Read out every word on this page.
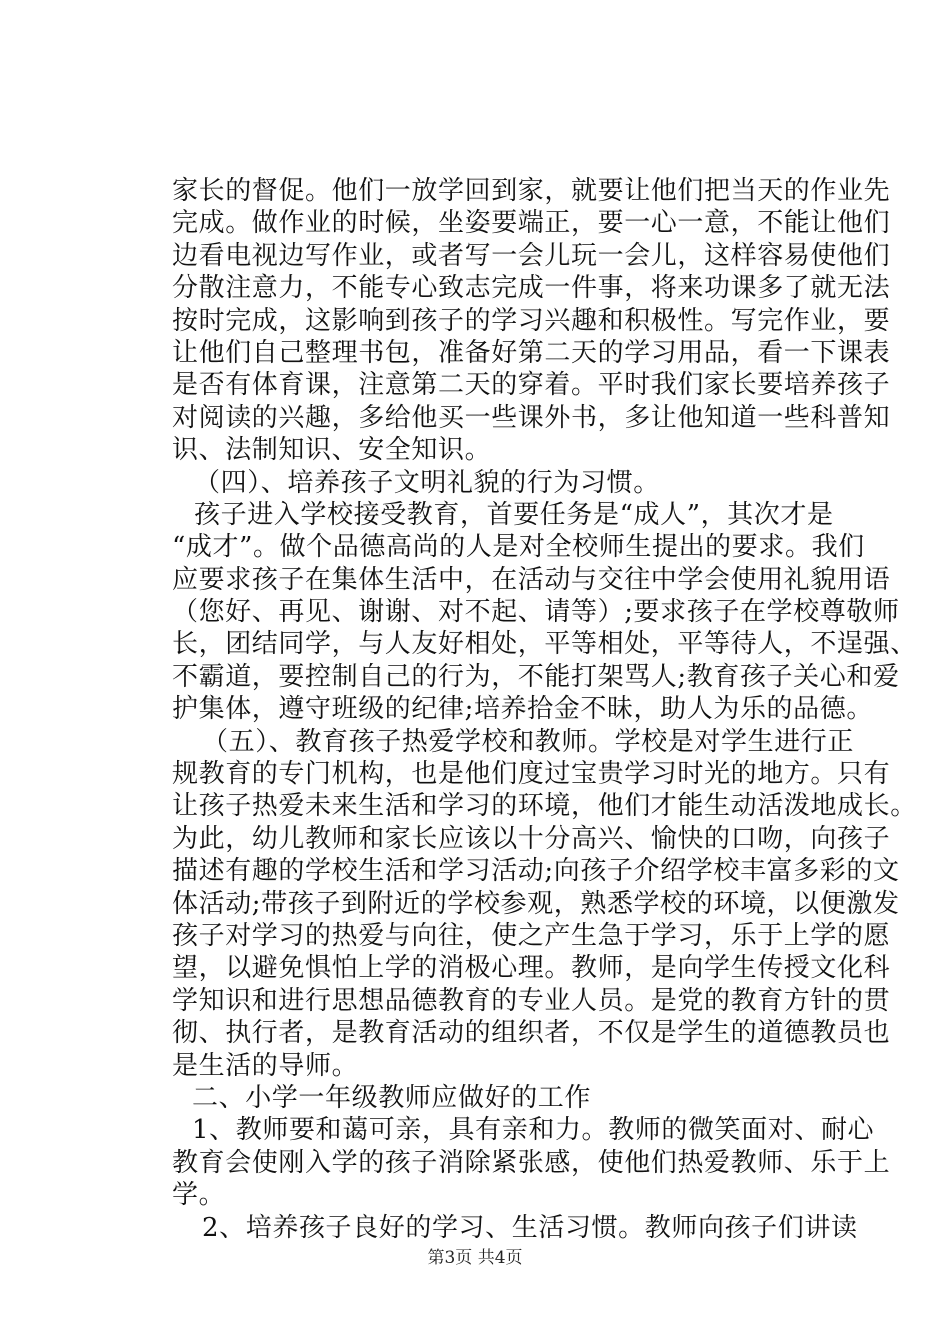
家长的督促。他们一放学回到家，就要让他们把当天的作业先
完成。做作业的时候，坐姿要端正，要一心一意，不能让他们
边看电视边写作业，或者写一会儿玩一会儿，这样容易使他们
分散注意力，不能专心致志完成一件事，将来功课多了就无法
按时完成，这影响到孩子的学习兴趣和积极性。写完作业，要
让他们自己整理书包，准备好第二天的学习用品，看一下课表
是否有体育课，注意第二天的穿着。平时我们家长要培养孩子
对阅读的兴趣，多给他买一些课外书，多让他知道一些科普知
识、法制知识、安全知识。
（四）、培养孩子文明礼貌的行为习惯。
孩子进入学校接受教育，首要任务是“成人”，其次才是
“成才”。做个品德高尚的人是对全校师生提出的要求。我们
应要求孩子在集体生活中，在活动与交往中学会使用礼貌用语
（您好、再见、谢谢、对不起、请等）;要求孩子在学校尊敬师
长，团结同学，与人友好相处，平等相处，平等待人，不逞强、
不霸道，要控制自己的行为，不能打架骂人;教育孩子关心和爱
护集体，遵守班级的纪律;培养拾金不昧，助人为乐的品德。
（五）、教育孩子热爱学校和教师。学校是对学生进行正
规教育的专门机构，也是他们度过宝贵学习时光的地方。只有
让孩子热爱未来生活和学习的环境，他们才能生动活泼地成长。
为此，幼儿教师和家长应该以十分高兴、愉快的口吻，向孩子
描述有趣的学校生活和学习活动;向孩子介绍学校丰富多彩的文
体活动;带孩子到附近的学校参观，熟悉学校的环境，以便激发
孩子对学习的热爱与向往，使之产生急于学习，乐于上学的愿
望，以避免惧怕上学的消极心理。教师，是向学生传授文化科
学知识和进行思想品德教育的专业人员。是党的教育方针的贯
彻、执行者，是教育活动的组织者，不仅是学生的道德教员也
是生活的导师。
二、小学一年级教师应做好的工作
1、教师要和蔼可亲，具有亲和力。教师的微笑面对、耐心
教育会使刚入学的孩子消除紧张感，使他们热爱教师、乐于上
学。
2、培养孩子良好的学习、生活习惯。教师向孩子们讲读
第3页 共4页
